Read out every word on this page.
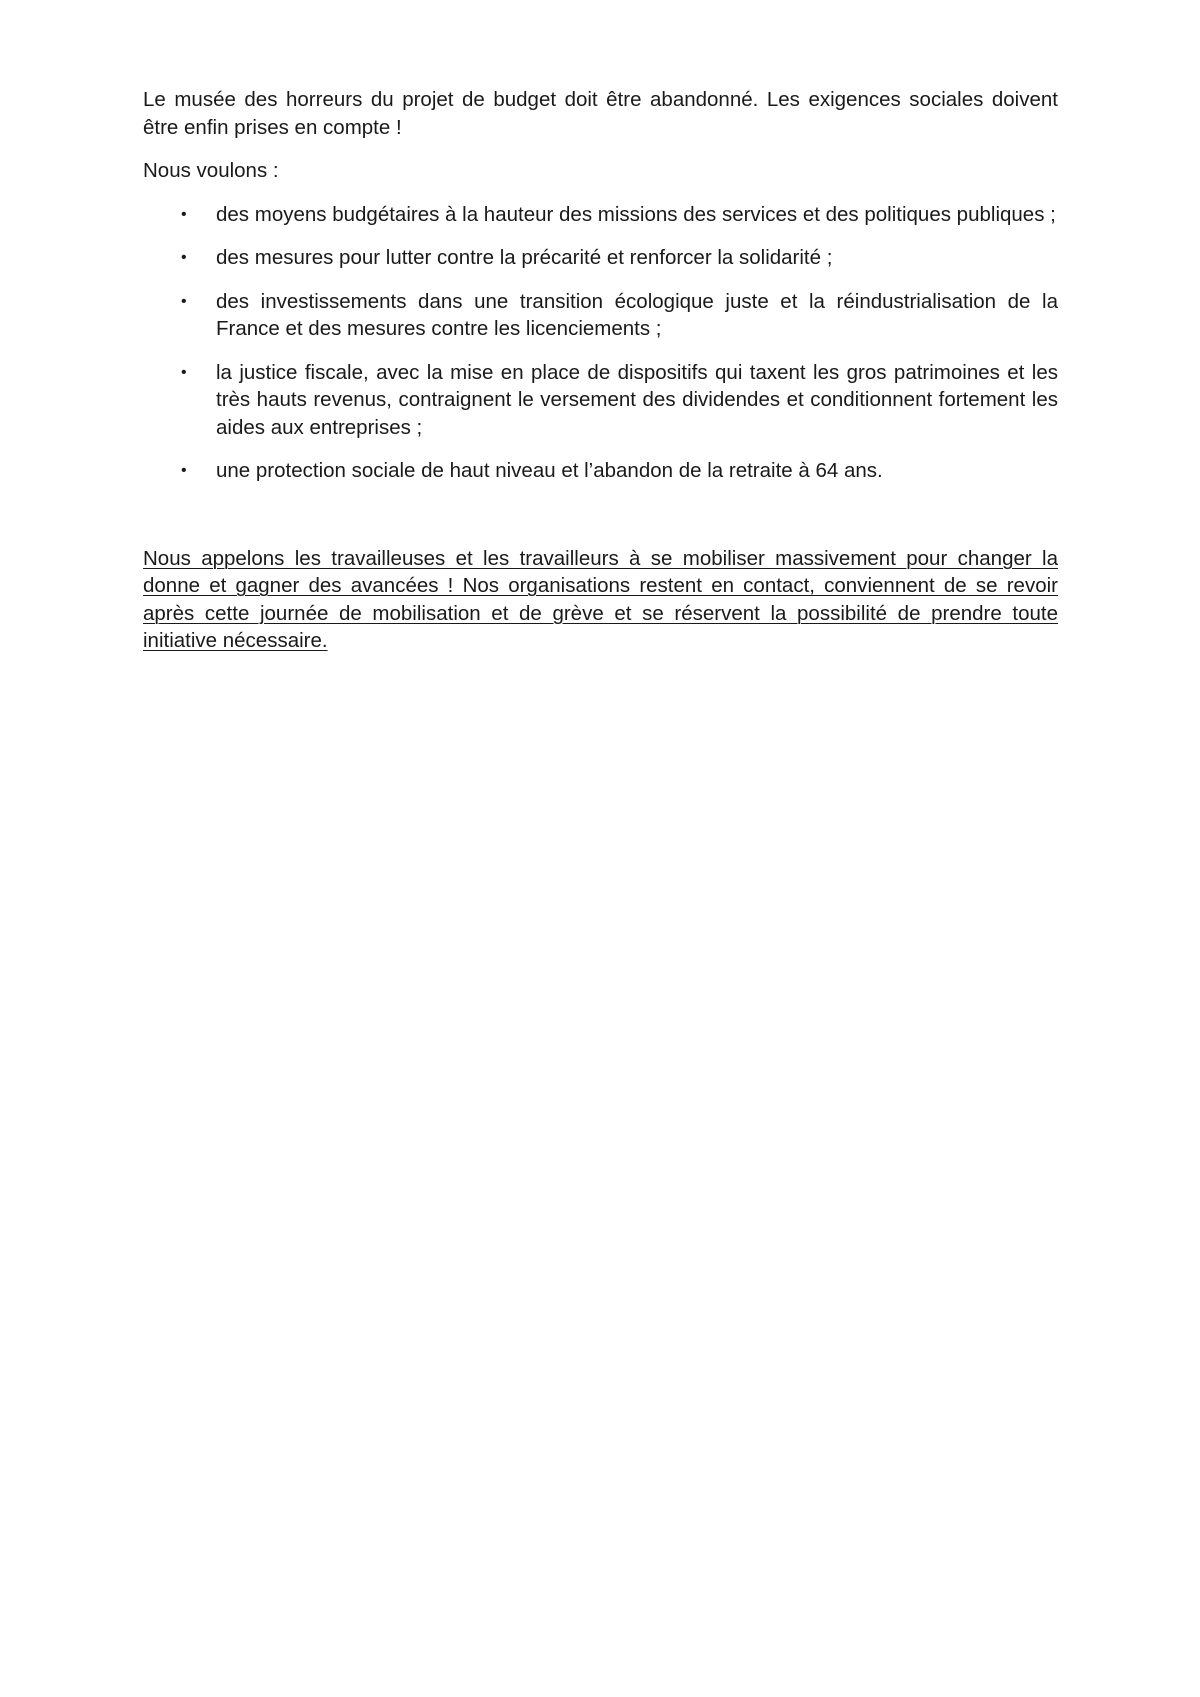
Le musée des horreurs du projet de budget doit être abandonné. Les exigences sociales doivent être enfin prises en compte !

Nous voulons :

• des moyens budgétaires à la hauteur des missions des services et des politiques publiques ;
• des mesures pour lutter contre la précarité et renforcer la solidarité ;
• des investissements dans une transition écologique juste et la réindustrialisation de la France et des mesures contre les licenciements ;
• la justice fiscale, avec la mise en place de dispositifs qui taxent les gros patrimoines et les très hauts revenus, contraignent le versement des dividendes et conditionnent fortement les aides aux entreprises ;
• une protection sociale de haut niveau et l’abandon de la retraite à 64 ans.

Nous appelons les travailleuses et les travailleurs à se mobiliser massivement pour changer la donne et gagner des avancées ! Nos organisations restent en contact, conviennent de se revoir après cette journée de mobilisation et de grève et se réservent la possibilité de prendre toute initiative nécessaire.
